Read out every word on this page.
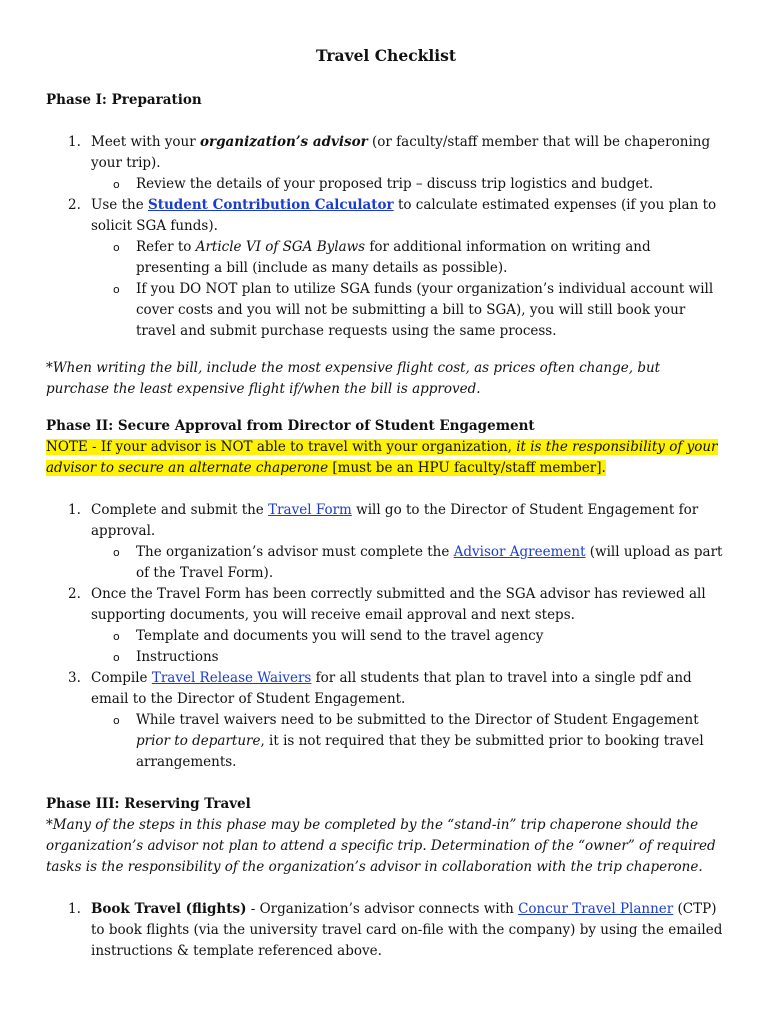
Travel Checklist
Phase I: Preparation
1. Meet with your organization’s advisor (or faculty/staff member that will be chaperoning your trip).
o Review the details of your proposed trip – discuss trip logistics and budget.
2. Use the Student Contribution Calculator to calculate estimated expenses (if you plan to solicit SGA funds).
o Refer to Article VI of SGA Bylaws for additional information on writing and presenting a bill (include as many details as possible).
o If you DO NOT plan to utilize SGA funds (your organization’s individual account will cover costs and you will not be submitting a bill to SGA), you will still book your travel and submit purchase requests using the same process.
*When writing the bill, include the most expensive flight cost, as prices often change, but purchase the least expensive flight if/when the bill is approved.
Phase II: Secure Approval from Director of Student Engagement
NOTE - If your advisor is NOT able to travel with your organization, it is the responsibility of your advisor to secure an alternate chaperone [must be an HPU faculty/staff member].
1. Complete and submit the Travel Form will go to the Director of Student Engagement for approval.
o The organization’s advisor must complete the Advisor Agreement (will upload as part of the Travel Form).
2. Once the Travel Form has been correctly submitted and the SGA advisor has reviewed all supporting documents, you will receive email approval and next steps.
o Template and documents you will send to the travel agency
o Instructions
3. Compile Travel Release Waivers for all students that plan to travel into a single pdf and email to the Director of Student Engagement.
o While travel waivers need to be submitted to the Director of Student Engagement prior to departure, it is not required that they be submitted prior to booking travel arrangements.
Phase III: Reserving Travel
*Many of the steps in this phase may be completed by the “stand-in” trip chaperone should the organization’s advisor not plan to attend a specific trip. Determination of the “owner” of required tasks is the responsibility of the organization’s advisor in collaboration with the trip chaperone.
1. Book Travel (flights) - Organization’s advisor connects with Concur Travel Planner (CTP) to book flights (via the university travel card on-file with the company) by using the emailed instructions & template referenced above.
